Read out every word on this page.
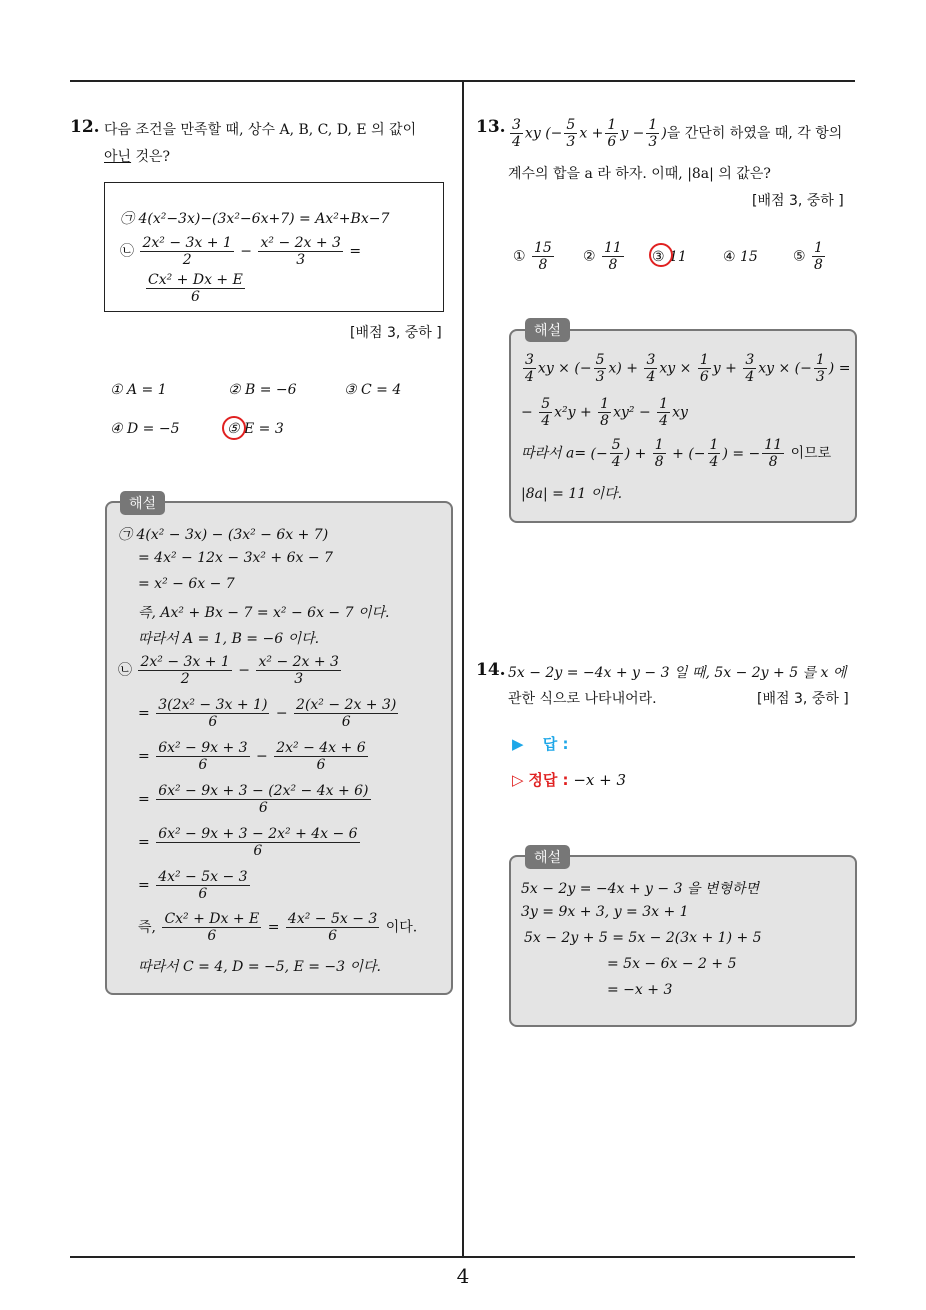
12. 다음 조건을 만족할 때, 상수 A, B, C, D, E 의 값이
아닌 것은?
㉠ 4(x²−3x)−(3x²−6x+7) = Ax²+Bx−7
㉡ $\frac{\text{2x² − 3x + 1}}{2} - \frac{\text{x² − 2x + 3}}{3}$ =
$\frac{\text{Cx² + Dx + E}}{6}$
[배점 3, 중하 ]
① A = 1	② B = −6	③ C = 4
④ D = −5	⑤ E = 3
해설
㉠ 4(x² − 3x) − (3x² − 6x + 7)
= 4x² − 12x − 3x² + 6x − 7
= x² − 6x − 7
즉, Ax² + Bx − 7 = x² − 6x − 7 이다.
따라서 A = 1, B = −6 이다.
㉡ $\frac{\text{2x² − 3x + 1}}{2} - \frac{\text{x² − 2x + 3}}{3}$
= $\frac{\text{3(2x² − 3x + 1)}}{6} - \frac{\text{2(x² − 2x + 3)}}{6}$
= $\frac{\text{6x² − 9x + 3}}{6} - \frac{\text{2x² − 4x + 6}}{6}$
= $\frac{\text{6x² − 9x + 3 − (2x² − 4x + 6)}}{6}$
= $\frac{\text{6x² − 9x + 3 − 2x² + 4x − 6}}{6}$
= $\frac{\text{4x² − 5x − 3}}{6}$
즉, $\frac{\text{Cx² + Dx + E}}{6} = \frac{\text{4x² − 5x − 3}}{6}$ 이다.
따라서 C = 4, D = −5, E = −3 이다.
13. $\frac{3}{4}$ xy (− $\frac{5}{3}$ $x + \frac{1}{6}$ $y - \frac{1}{3}$ )을 간단히 하였을 때, 각 항의
계수의 합을 a 라 하자. 이때, |8a| 의 값은?
[배점 3, 중하 ]
① $\frac{15}{8}$ ② $\frac{11}{8}$ ③ 11	④ 15	⑤ $\frac{1}{8}$
해설
$\frac{3}{4}$ xy × (− $\frac{5}{3} x) + \frac{3}{4}$ xy × $\frac{1}{6}$ $y + \frac{3}{4}$ xy × (− $\frac{1}{3}$ ) =
− $\frac{5}{4} x^2y + \frac{1}{8} xy^2 - \frac{1}{4}$ xy
따라서 a= (− $\frac{5}{4}$ ) + $\frac{1}{8}$ + (− $\frac{1}{4}$ ) = − $\frac{11}{8}$ 이므로
|8a| = 11 이다.
14. 5x − 2y = −4x + y − 3 일 때, 5x − 2y + 5 를 x 에
관한 식으로 나타내어라.	[배점 3, 중하 ]
▶ 답 :
▷ 정답 : −x + 3
해설
5x − 2y = −4x + y − 3 을 변형하면
3y = 9x + 3, y = 3x + 1
5x − 2y + 5 = 5x − 2(3x + 1) + 5
= 5x − 6x − 2 + 5
= −x + 3
4
